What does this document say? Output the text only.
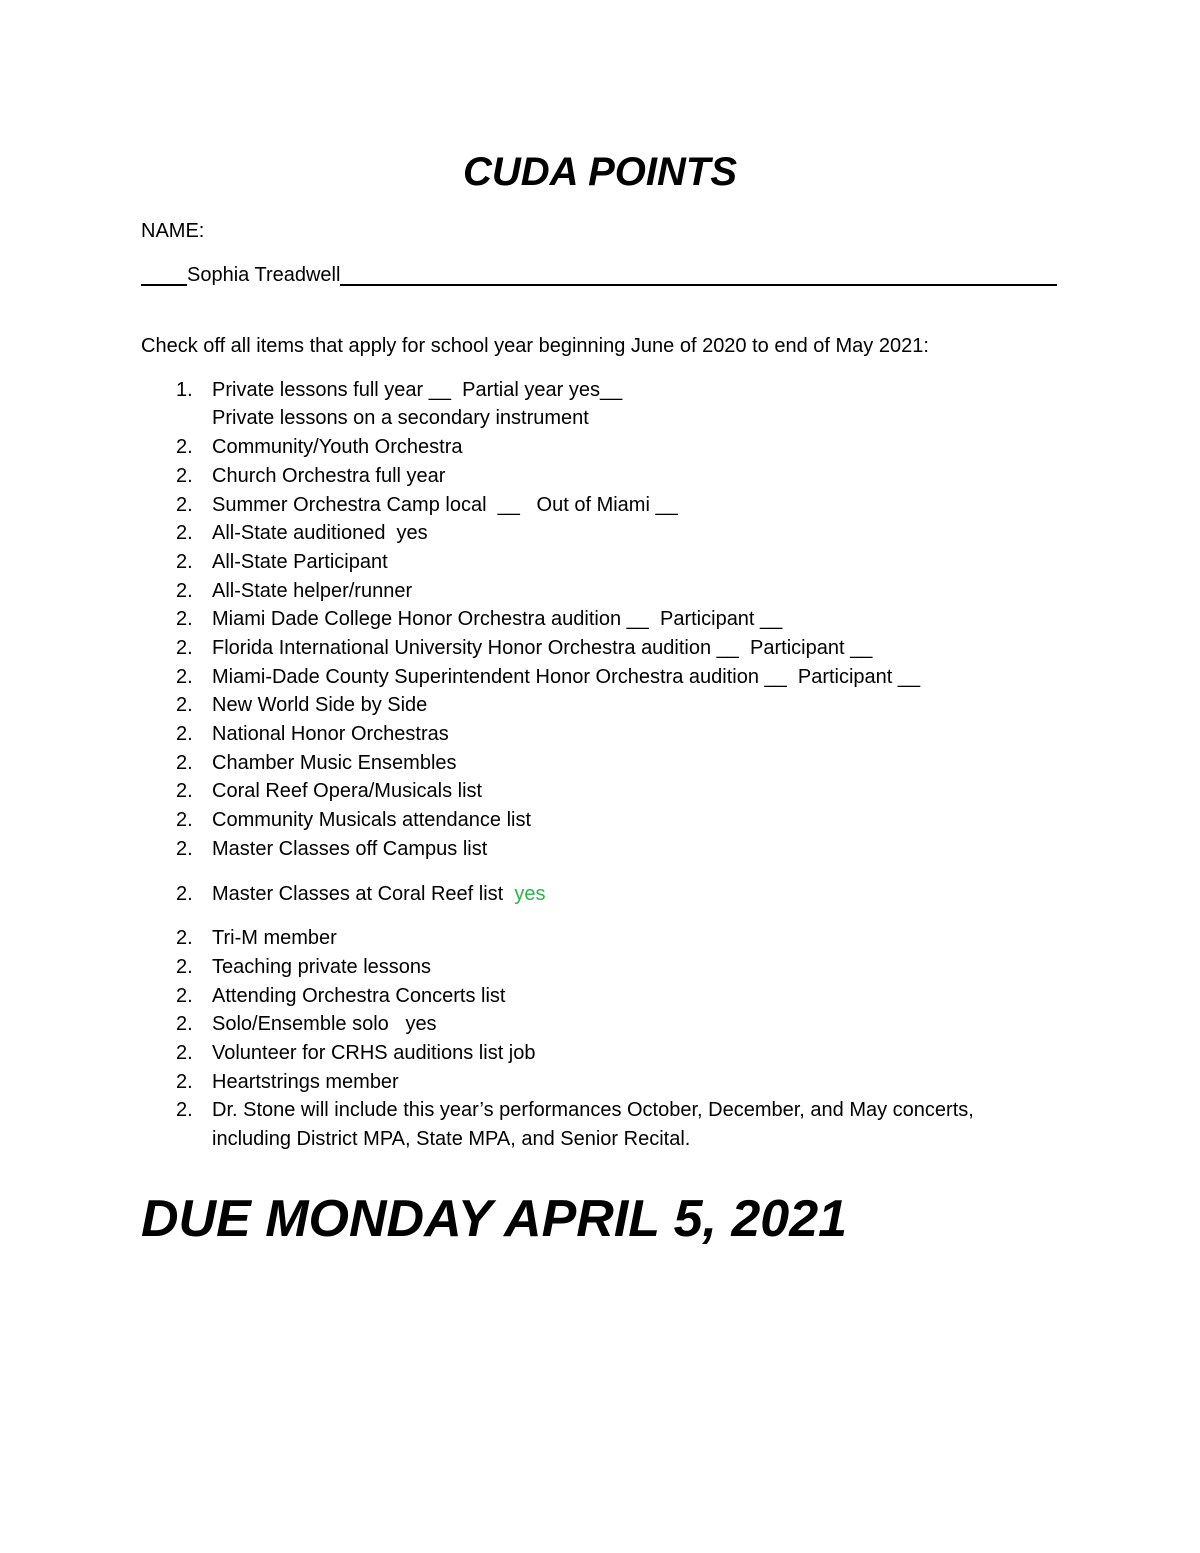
CUDA POINTS
NAME:
Sophia Treadwell
Check off all items that apply for school year beginning June of 2020 to end of May 2021:
1. Private lessons full year __  Partial year yes__
Private lessons on a secondary instrument
2. Community/Youth Orchestra
2. Church Orchestra full year
2. Summer Orchestra Camp local  __   Out of Miami __
2. All-State auditioned  yes
2. All-State Participant
2. All-State helper/runner
2. Miami Dade College Honor Orchestra audition __  Participant __
2. Florida International University Honor Orchestra audition __  Participant __
2. Miami-Dade County Superintendent Honor Orchestra audition __  Participant __
2. New World Side by Side
2. National Honor Orchestras
2. Chamber Music Ensembles
2. Coral Reef Opera/Musicals list
2. Community Musicals attendance list
2. Master Classes off Campus list
2. Master Classes at Coral Reef list  yes
2. Tri-M member
2. Teaching private lessons
2. Attending Orchestra Concerts list
2. Solo/Ensemble solo   yes
2. Volunteer for CRHS auditions list job
2. Heartstrings member
2. Dr. Stone will include this year’s performances October, December, and May concerts,
including District MPA, State MPA, and Senior Recital.
DUE MONDAY APRIL 5, 2021
